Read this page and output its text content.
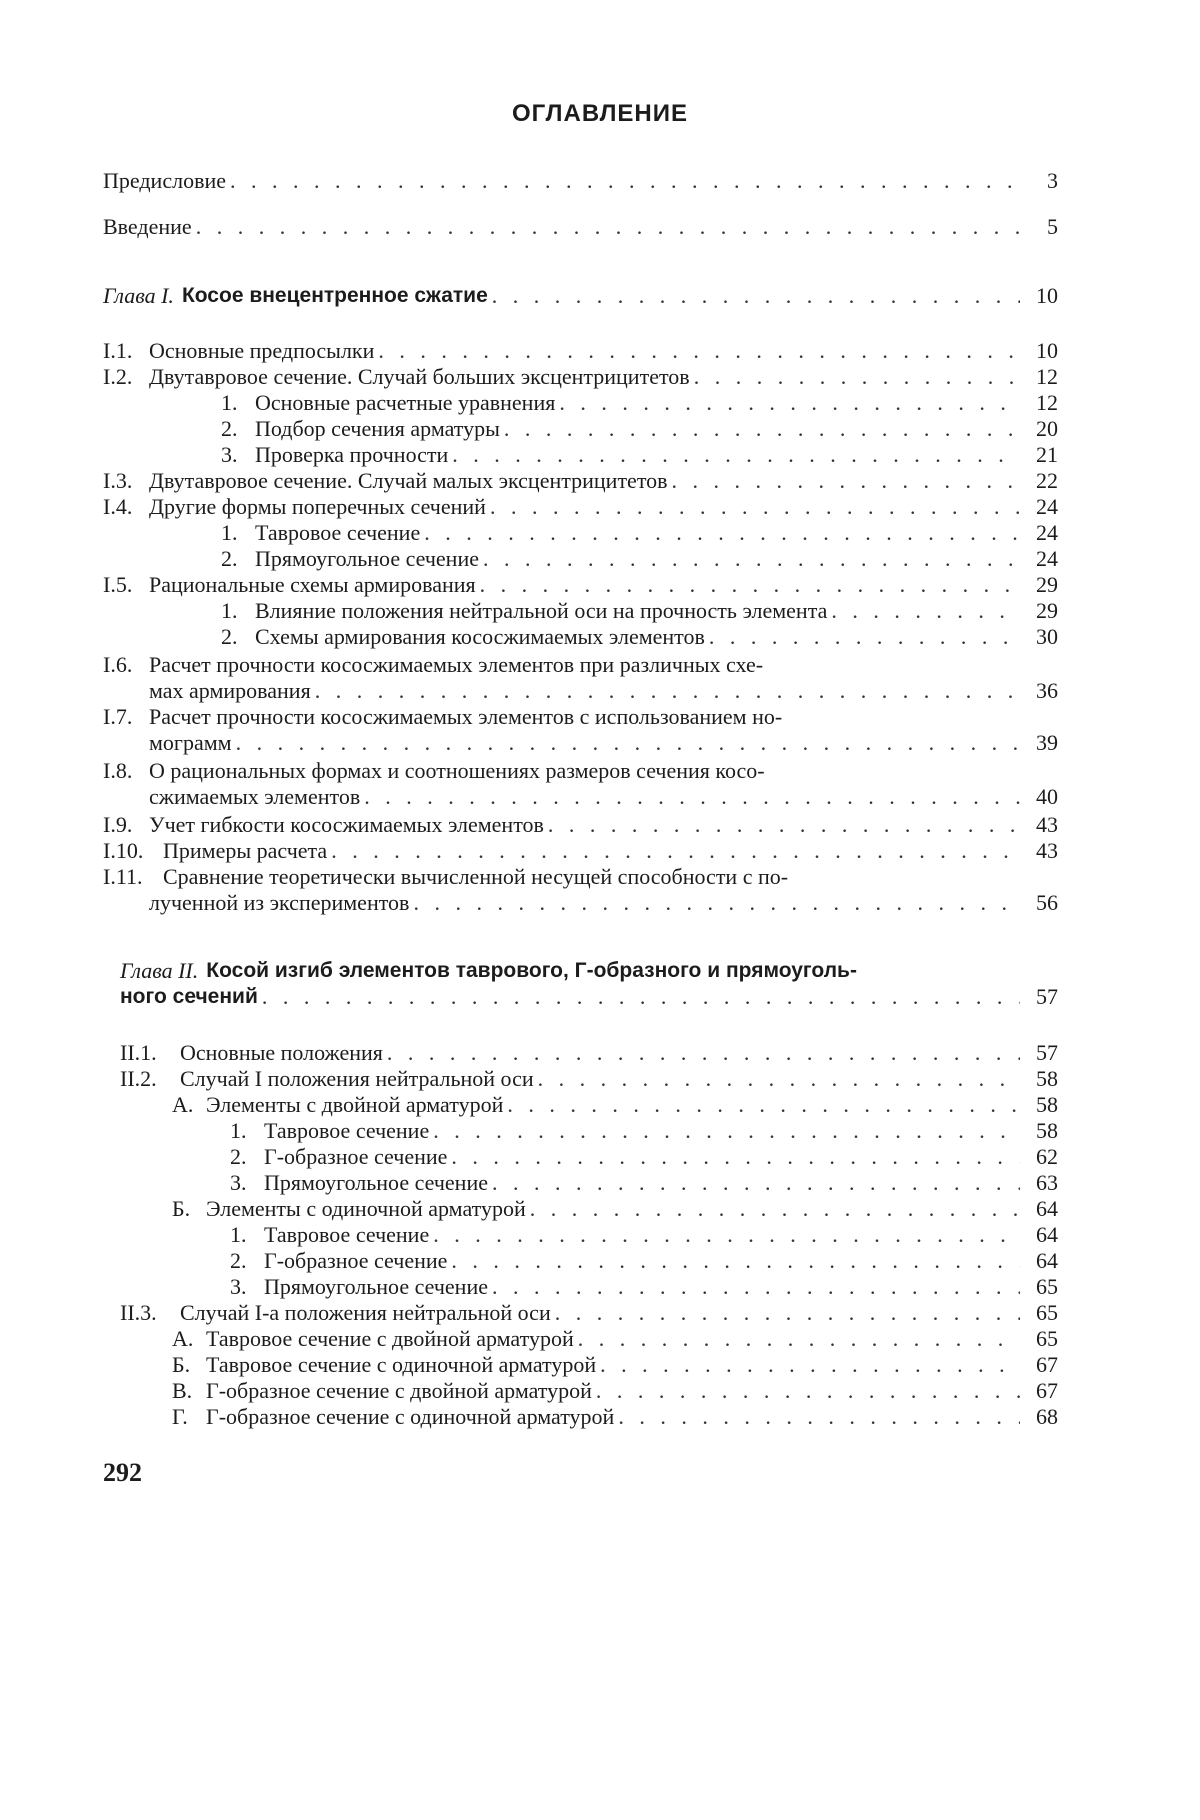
ОГЛАВЛЕНИЕ
Предисловие . . .	3
Введение . . .	5
Глава I. Косое внецентренное сжатие . . .	10
I.1. Основные предпосылки . . .	10
I.2. Двутавровое сечение. Случай больших эксцентрицитетов . . .	12
1. Основные расчетные уравнения . . .	12
2. Подбор сечения арматуры . . .	20
3. Проверка прочности . . .	21
I.3. Двутавровое сечение. Случай малых эксцентрицитетов . . .	22
I.4. Другие формы поперечных сечений . . .	24
1. Тавровое сечение . . .	24
2. Прямоугольное сечение . . .	24
I.5. Рациональные схемы армирования . . .	29
1. Влияние положения нейтральной оси на прочность элемента . . .	29
2. Схемы армирования кососжимаемых элементов . . .	30
I.6. Расчет прочности кососжимаемых элементов при различных схе-
мах армирования . . .	36
I.7. Расчет прочности кососжимаемых элементов с использованием но-
мограмм . . .	39
I.8. О рациональных формах и соотношениях размеров сечения косо-
сжимаемых элементов . . .	40
I.9. Учет гибкости кососжимаемых элементов . . .	43
I.10. Примеры расчета . . .	43
I.11. Сравнение теоретически вычисленной несущей способности с по-
лученной из экспериментов . . .	56
Глава II. Косой изгиб элементов таврового, Г-образного и прямоуголь-
ного сечений . . .	57
II.1.	Основные положения . . .	57
II.2.	Случай I положения нейтральной оси . . .	58
А. Элементы с двойной арматурой . . .	58
1. Тавровое сечение . . .	58
2. Г-образное сечение . . .	62
3. Прямоугольное сечение . . .	63
Б. Элементы с одиночной арматурой . . .	64
1. Тавровое сечение . . .	64
2. Г-образное сечение . . .	64
3. Прямоугольное сечение . . .	65
II.3.	Случай I-а положения нейтральной оси . . .	65
А. Тавровое сечение с двойной арматурой . . .	65
Б. Тавровое сечение с одиночной арматурой . . .	67
В. Г-образное сечение с двойной арматурой . . .	67
Г. Г-образное сечение с одиночной арматурой . . .	68
292
